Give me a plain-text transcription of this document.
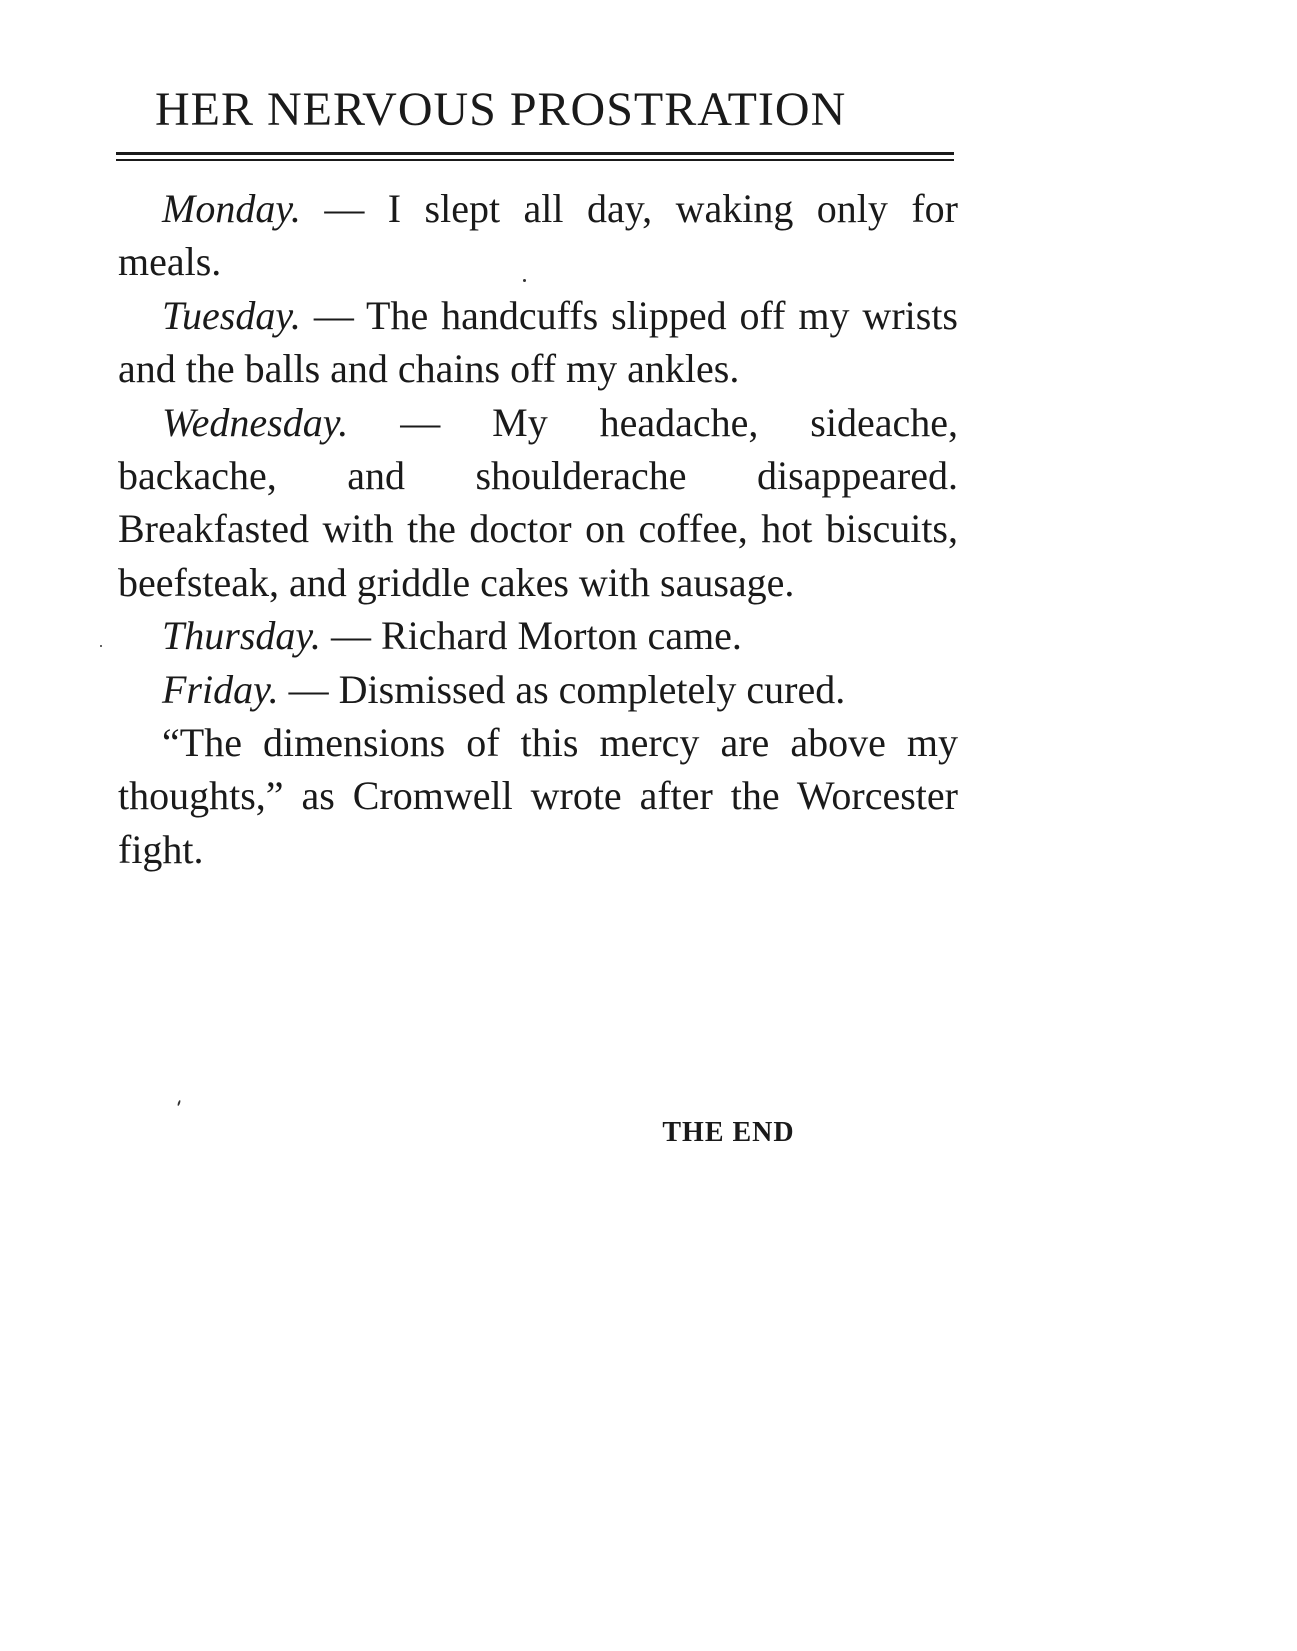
HER NERVOUS PROSTRATION

Monday. — I slept all day, waking only for meals.

Tuesday. — The handcuffs slipped off my wrists and the balls and chains off my ankles.

Wednesday. — My headache, sideache, backache, and shoulderache disappeared. Breakfasted with the doctor on coffee, hot biscuits, beefsteak, and griddle cakes with sausage.

Thursday. — Richard Morton came.

Friday. — Dismissed as completely cured.

“The dimensions of this mercy are above my thoughts,” as Cromwell wrote after the Worcester fight.

THE END
